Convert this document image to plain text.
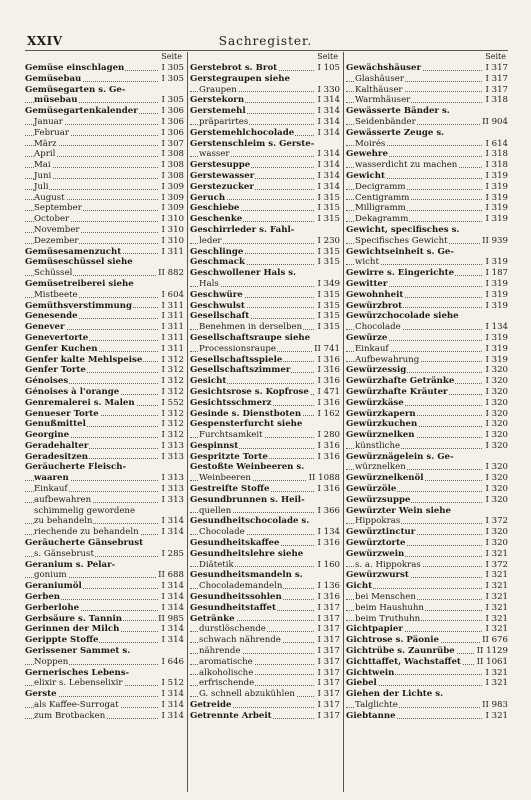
XXIV	Sachregister.
Seite
Gemüse einschlagen	I 305
Gemüsebau	I 305
Gemüsegarten s. Ge-
müsebau	I 305
Gemüsegartenkalender	I 306
Januar	I 306
Februar	I 306
März	I 307
April	I 308
Mai	I 308
Juni	I 308
Juli	I 309
August	I 309
September	I 309
October	I 310
November	I 310
Dezember	I 310
Gemüsesamenzucht	I 311
Gemüseschüssel siehe
Schüssel	II 882
Gemüsetreiberei siehe
Mistbeete	I 604
Gemüthsverstimmung	I 311
Genesende	I 311
Genever	I 311
Genevertorte	I 311
Genfer Kuchen	I 311
Genfer kalte Mehlspeise I 312
Genfer Torte	I 312
Génoises	I 312
Génoises à l'orange	I 312
Genremalerei s. Malen	I 552
Genueser Torte	I 312
Genußmittel	I 312
Georgine	I 312
Geradehalter	I 313
Geradesitzen	I 313
Geräucherte Fleisch-
waaren	I 313
Einkauf	I 313
aufbewahren	I 313
schimmelig gewordene
zu behandeln	I 314
riechende zu behandeln	I 314
Geräucherte Gänsebrust
s. Gänsebrust	I 285
Geranium s. Pelar-
gonium	II 688
Geraniumöl	I 314
Gerben	I 314
Gerberlohe	I 314
Gerbsäure s. Tannin	II 985
Gerinnen der Milch	I 314
Gerippte Stoffe	I 314
Gerissener Sammet s.
Noppen	I 646
Gernerisches Lebens-
elixir s. Lebenselixir	I 512
Gerste	I 314
als Kaffee-Surrogat	I 314
zum Brotbacken	I 314
Seite
Gerstebrot s. Brot	I 105
Gerstegraupen siehe
Graupen	I 330
Gerstekorn	I 314
Gerstemehl	I 314
präparirtes	I 314
Gerstemehlchocolade	I 314
Gerstenschleim s. Gerste-
wasser	I 314
Gerstesuppe	I 314
Gerstewasser	I 314
Gerstezucker	I 314
Geruch	I 315
Geschiebe	I 315
Geschenke	I 315
Geschirrleder s. Fahl-
leder	I 230
Geschlinge	I 315
Geschmack	I 315
Geschwollener Hals s.
Hals	I 349
Geschwüre	I 315
Geschwulst	I 315
Gesellschaft	I 315
Benehmen in derselben I 315
Gesellschaftsraupe siehe
Processionsraupe	II 741
Gesellschaftsspiele	I 316
Gesellschaftszimmer	I 316
Gesicht	I 316
Gesichtsrose s. Kopfrose I 471
Gesichtsschmerz	I 316
Gesinde s. Dienstboten I 162
Gespensterfurcht siehe
Furchtsamkeit	I 280
Gespinnst	I 316
Gespritzte Torte	I 316
Gestoßte Weinbeeren s.
Weinbeeren	II 1088
Gestreifte Stoffe	I 316
Gesundbrunnen s. Heil-
quellen	I 366
Gesundheitschocolade s.
Chocolade	I 134
Gesundheitskaffee	I 316
Gesundheitslehre siehe
Diätetik	I 160
Gesundheitsmandeln s.
Chocolademandeln	I 136
Gesundheitssohlen	I 316
Gesundheitstaffet	I 317
Getränke	I 317
durstlöschende	I 317
schwach nährende	I 317
nährende	I 317
aromatische	I 317
alkoholische	I 317
erfrischende	I 317
G. schnell abzukühlen	I 317
Getreide	I 317
Getrennte Arbeit	I 317
Seite
Gewächshäuser	I 317
Glashäuser	I 317
Kalthäuser	I 317
Warmhäuser	I 318
Gewässerte Bänder s.
Seidenbänder	II 904
Gewässerte Zeuge s.
Moirés	I 614
Gewehre	I 318
wasserdicht zu machen	I 318
Gewicht	I 319
Decigramm	I 319
Centigramm	I 319
Milligramm	I 319
Dekagramm	I 319
Gewicht, specifisches s.
Specifisches Gewicht	II 939
Gewichtseinheit s. Ge-
wicht	I 319
Gewirre s. Eingerichte	I 187
Gewitter	I 319
Gewohnheit	I 319
Gewürzbrot	I 319
Gewürzchocolade siehe
Chocolade	I 134
Gewürze	I 319
Einkauf	I 319
Aufbewahrung	I 319
Gewürzessig	I 320
Gewürzhafte Getränke	I 320
Gewürzhafte Kräuter	I 320
Gewürzkäse	I 320
Gewürzkapern	I 320
Gewürzkuchen	I 320
Gewürznelken	I 320
künstliche	I 320
Gewürznägelein s. Ge-
würznelken	I 320
Gewürznelkenöl	I 320
Gewürzöle	I 320
Gewürzsuppe	I 320
Gewürzter Wein siehe
Hippokras	I 372
Gewürztinctur	I 320
Gewürztorte	I 320
Gewürzwein	I 321
s. a. Hippokras	I 372
Gewürzwurst	I 321
Gicht	I 321
bei Menschen	I 321
beim Haushuhn	I 321
beim Truthuhn	I 321
Gichtpapier	I 321
Gichtrose s. Päonie	II 676
Gichtrübe s. Zaunrübe	II 1129
Gichttaffet, Wachstaffet II 1061
Gichtwein	I 321
Giebel	I 321
Giehen der Lichte s.
Talglichte	II 983
Giebtanne	I 321
